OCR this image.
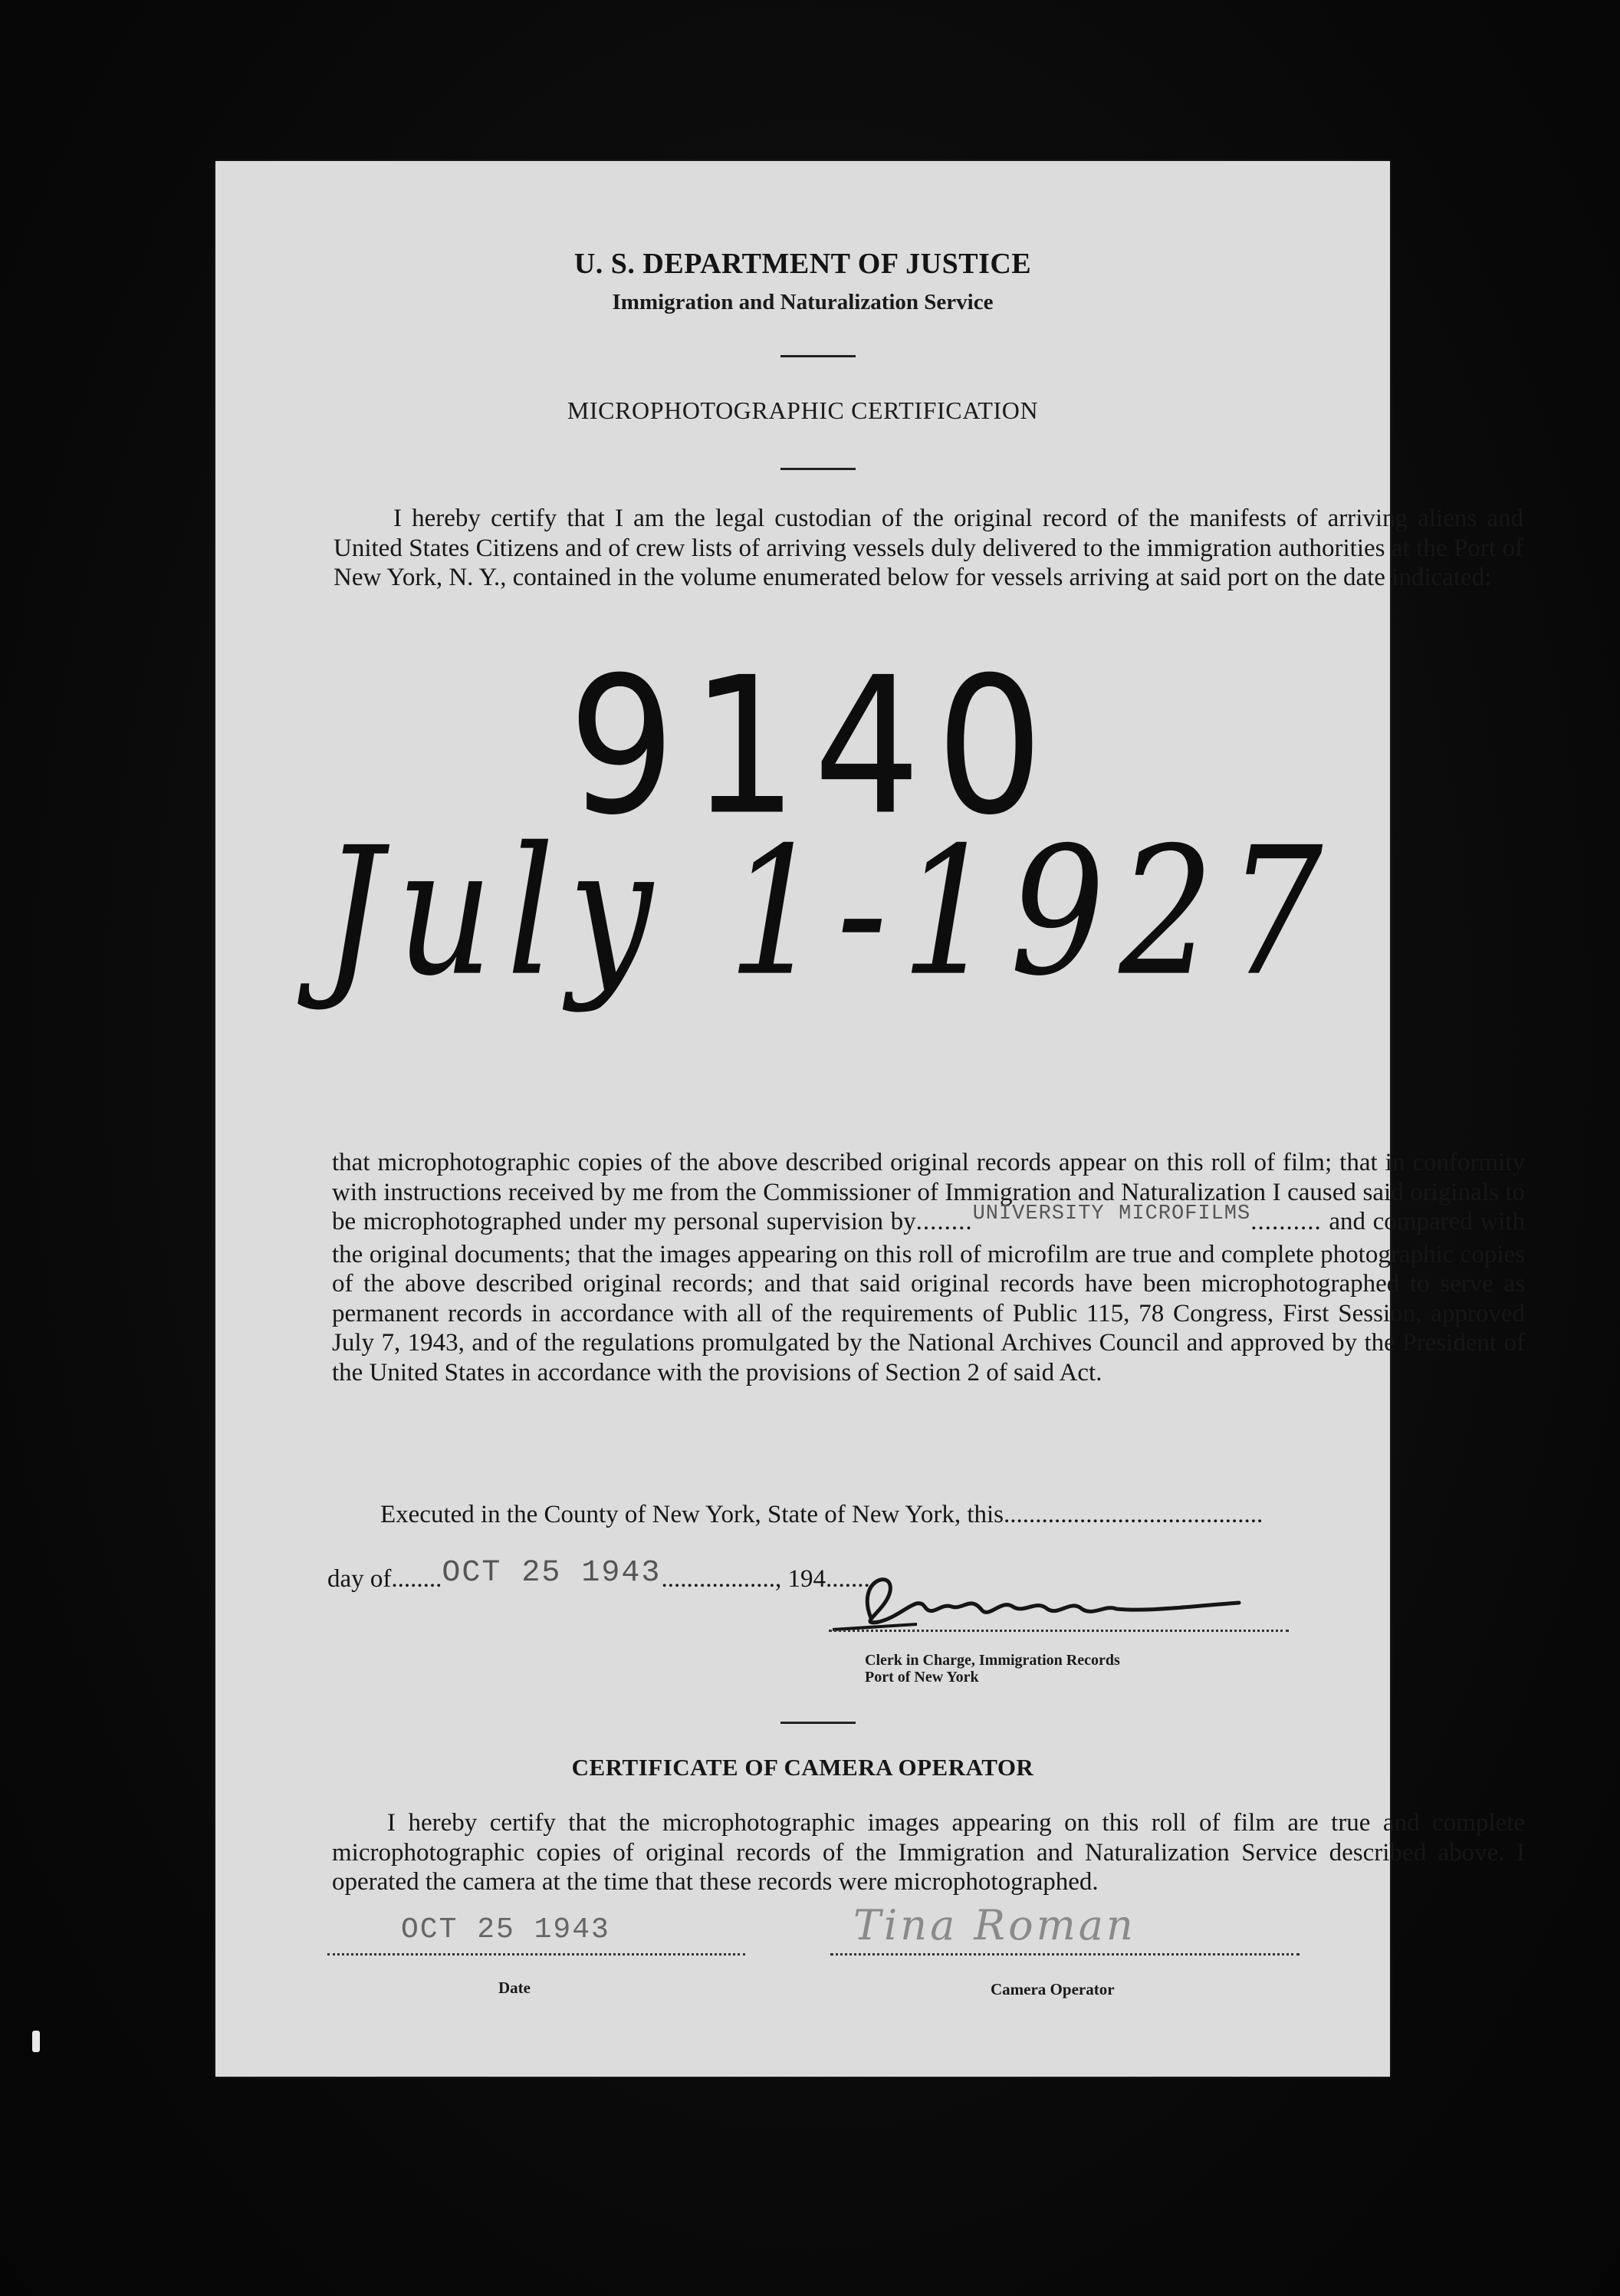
U. S. DEPARTMENT OF JUSTICE
Immigration and Naturalization Service
MICROPHOTOGRAPHIC CERTIFICATION
I hereby certify that I am the legal custodian of the original record of the manifests of arriving aliens and United States Citizens and of crew lists of arriving vessels duly delivered to the immigration authorities at the Port of New York, N. Y., contained in the volume enumerated below for vessels arriving at said port on the date indicated:
9140
July 1-1927
that microphotographic copies of the above described original records appear on this roll of film; that in conformity with instructions received by me from the Commissioner of Immigration and Naturalization I caused said originals to be microphotographed under my personal supervision by........$^{UNIVERSITY MICROFILMS}$.......... and compared with the original documents; that the images appearing on this roll of microfilm are true and complete photographic copies of the above described original records; and that said original records have been microphotographed to serve as permanent records in accordance with all of the requirements of Public 115, 78 Congress, First Session, approved July 7, 1943, and of the regulations promulgated by the National Archives Council and approved by the President of the United States in accordance with the provisions of Section 2 of said Act.
Executed in the County of New York, State of New York, this.........................................
day of........OCT 25 1943.................., 194.......
Clerk in Charge, Immigration Records
Port of New York
CERTIFICATE OF CAMERA OPERATOR
I hereby certify that the microphotographic images appearing on this roll of film are true and complete microphotographic copies of original records of the Immigration and Naturalization Service described above. I operated the camera at the time that these records were microphotographed.
OCT 25 1943
Date
Tina Roman
Camera Operator
